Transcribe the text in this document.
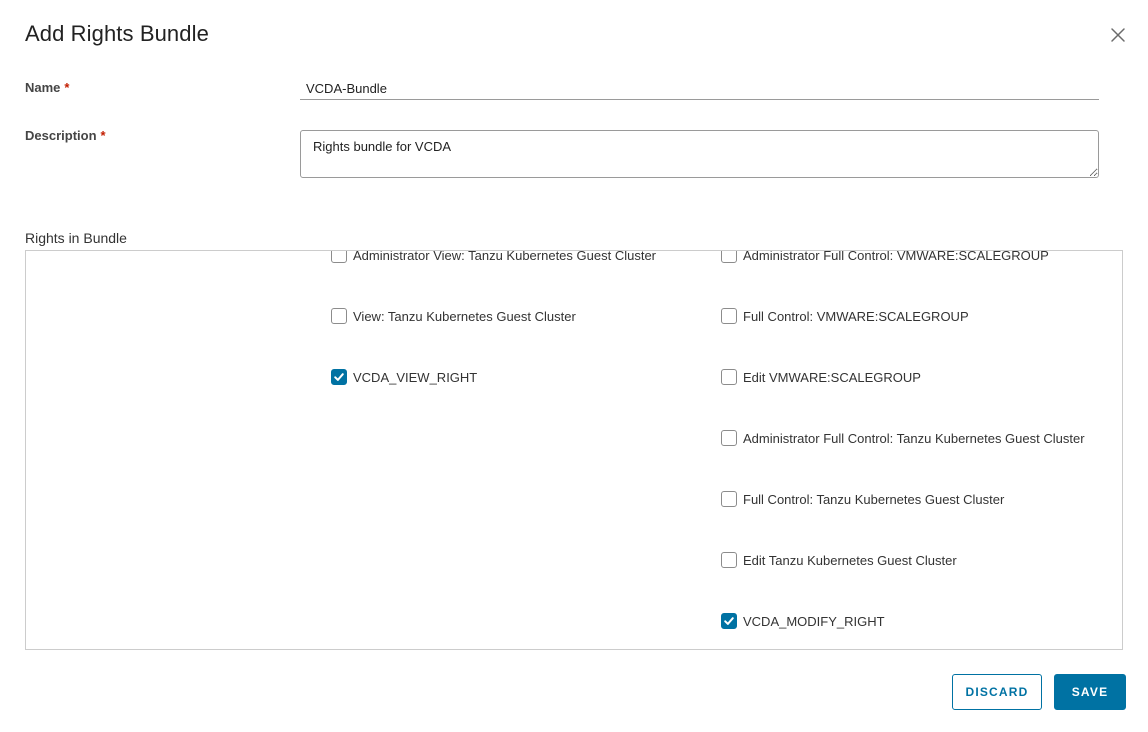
Add Rights Bundle
Name *
VCDA-Bundle
Description *
Rights bundle for VCDA
Rights in Bundle
Administrator View: Tanzu Kubernetes Guest Cluster
View: Tanzu Kubernetes Guest Cluster
VCDA_VIEW_RIGHT
Administrator Full Control: VMWARE:SCALEGROUP
Full Control: VMWARE:SCALEGROUP
Edit VMWARE:SCALEGROUP
Administrator Full Control: Tanzu Kubernetes Guest Cluster
Full Control: Tanzu Kubernetes Guest Cluster
Edit Tanzu Kubernetes Guest Cluster
VCDA_MODIFY_RIGHT
DISCARD	SAVE
